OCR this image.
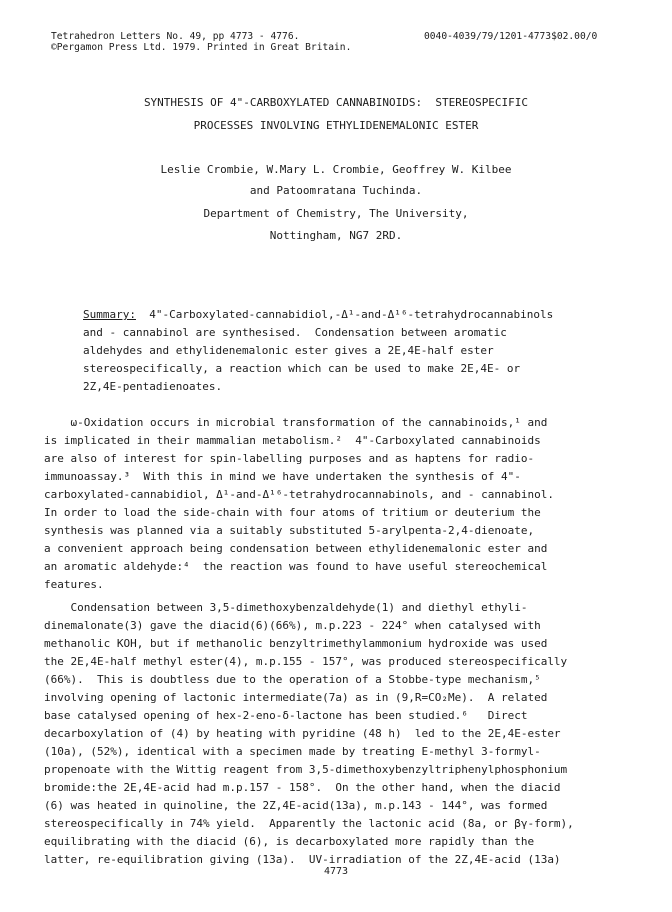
Tetrahedron Letters No. 49, pp 4773 - 4776.	0040-4039/79/1201-4773$02.00/0
©Pergamon Press Ltd. 1979. Printed in Great Britain.
SYNTHESIS OF 4"-CARBOXYLATED CANNABINOIDS:  STEREOSPECIFIC
PROCESSES INVOLVING ETHYLIDENEMALONIC ESTER
Leslie Crombie, W.Mary L. Crombie, Geoffrey W. Kilbee
and Patoomratana Tuchinda.
Department of Chemistry, The University,
Nottingham, NG7 2RD.
Summary:  4"-Carboxylated-cannabidiol,-Δ¹-and-Δ¹⁶-tetrahydrocannabinols
and - cannabinol are synthesised.  Condensation between aromatic
aldehydes and ethylidenemalonic ester gives a 2E,4E-half ester
stereospecifically, a reaction which can be used to make 2E,4E- or
2Z,4E-pentadienoates.
ω-Oxidation occurs in microbial transformation of the cannabinoids,¹ and
is implicated in their mammalian metabolism.²  4"-Carboxylated cannabinoids
are also of interest for spin-labelling purposes and as haptens for radio-
immunoassay.³  With this in mind we have undertaken the synthesis of 4"-
carboxylated-cannabidiol, Δ¹-and-Δ¹⁶-tetrahydrocannabinols, and - cannabinol.
In order to load the side-chain with four atoms of tritium or deuterium the
synthesis was planned via a suitably substituted 5-arylpenta-2,4-dienoate,
a convenient approach being condensation between ethylidenemalonic ester and
an aromatic aldehyde:⁴  the reaction was found to have useful stereochemical
features.
Condensation between 3,5-dimethoxybenzaldehyde(1) and diethyl ethyli-
dinemalonate(3) gave the diacid(6)(66%), m.p.223 - 224° when catalysed with
methanolic KOH, but if methanolic benzyltrimethylammonium hydroxide was used
the 2E,4E-half methyl ester(4), m.p.155 - 157°, was produced stereospecifically
(66%).  This is doubtless due to the operation of a Stobbe-type mechanism,⁵
involving opening of lactonic intermediate(7a) as in (9,R=CO₂Me).  A related
base catalysed opening of hex-2-eno-δ-lactone has been studied.⁶   Direct
decarboxylation of (4) by heating with pyridine (48 h)  led to the 2E,4E-ester
(10a), (52%), identical with a specimen made by treating E-methyl 3-formyl-
propenoate with the Wittig reagent from 3,5-dimethoxybenzyltriphenylphosphonium
bromide:the 2E,4E-acid had m.p.157 - 158°.  On the other hand, when the diacid
(6) was heated in quinoline, the 2Z,4E-acid(13a), m.p.143 - 144°, was formed
stereospecifically in 74% yield.  Apparently the lactonic acid (8a, or βγ-form),
equilibrating with the diacid (6), is decarboxylated more rapidly than the
latter, re-equilibration giving (13a).  UV-irradiation of the 2Z,4E-acid (13a)
4773
